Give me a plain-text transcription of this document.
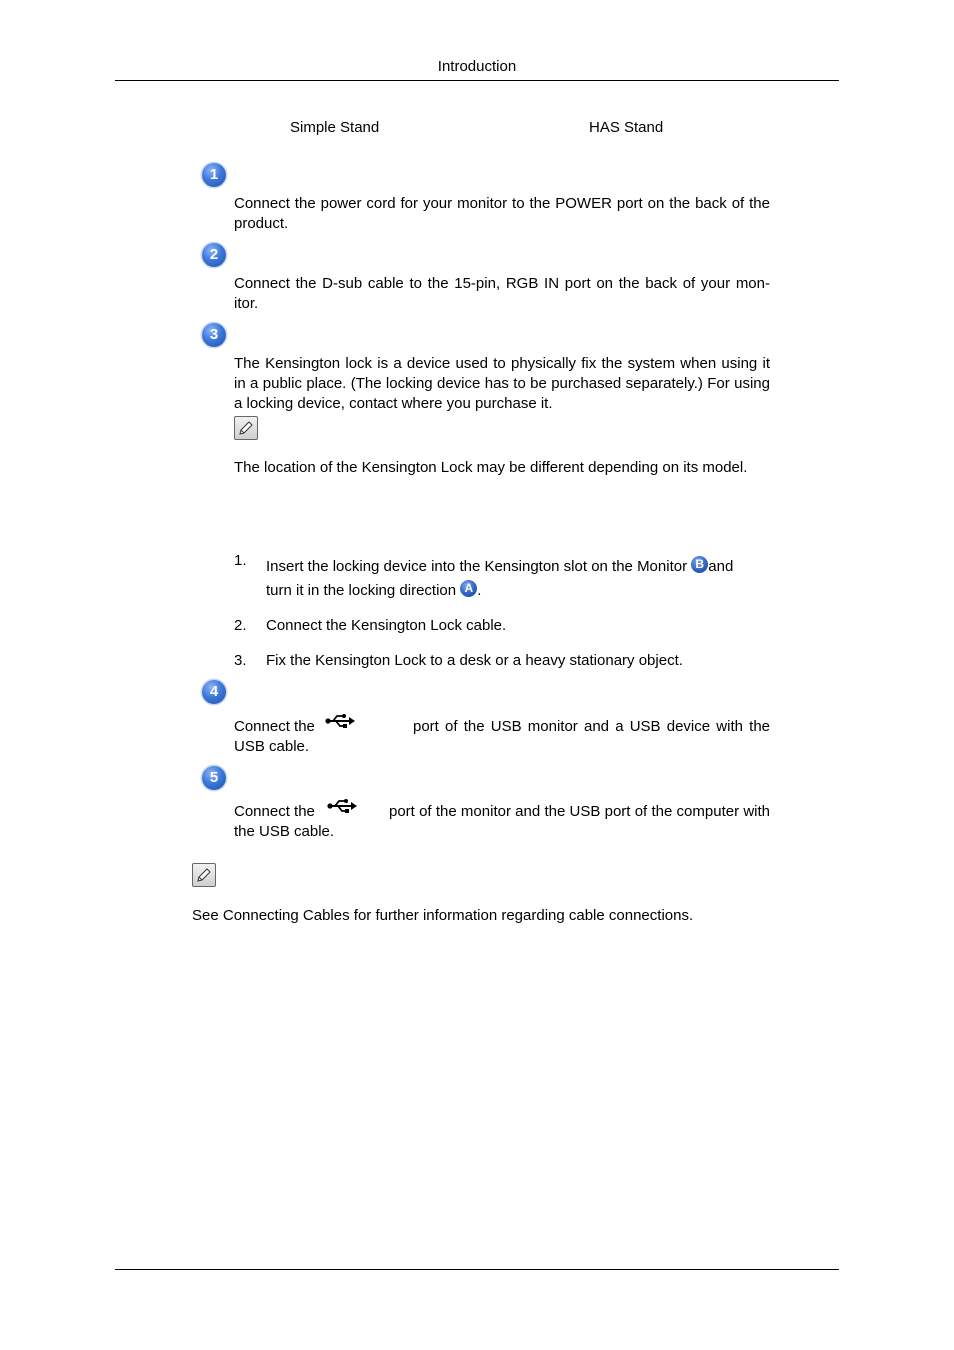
Introduction
Simple Stand	HAS Stand
1
Connect the power cord for your monitor to the POWER port on the back of the product.
2
Connect the D-sub cable to the 15-pin, RGB IN port on the back of your mon-itor.
3
The Kensington lock is a device used to physically fix the system when using it in a public place. (The locking device has to be purchased separately.) For using a locking device, contact where you purchase it.
The location of the Kensington Lock may be different depending on its model.
1. Insert the locking device into the Kensington slot on the Monitor B and
turn it in the locking direction A .
2. Connect the Kensington Lock cable.
3. Fix the Kensington Lock to a desk or a heavy stationary object.
4
Connect the	port of the USB monitor and a USB device with the USB cable.
5
Connect the	port of the monitor and the USB port of the computer with the USB cable.
See Connecting Cables for further information regarding cable connections.
